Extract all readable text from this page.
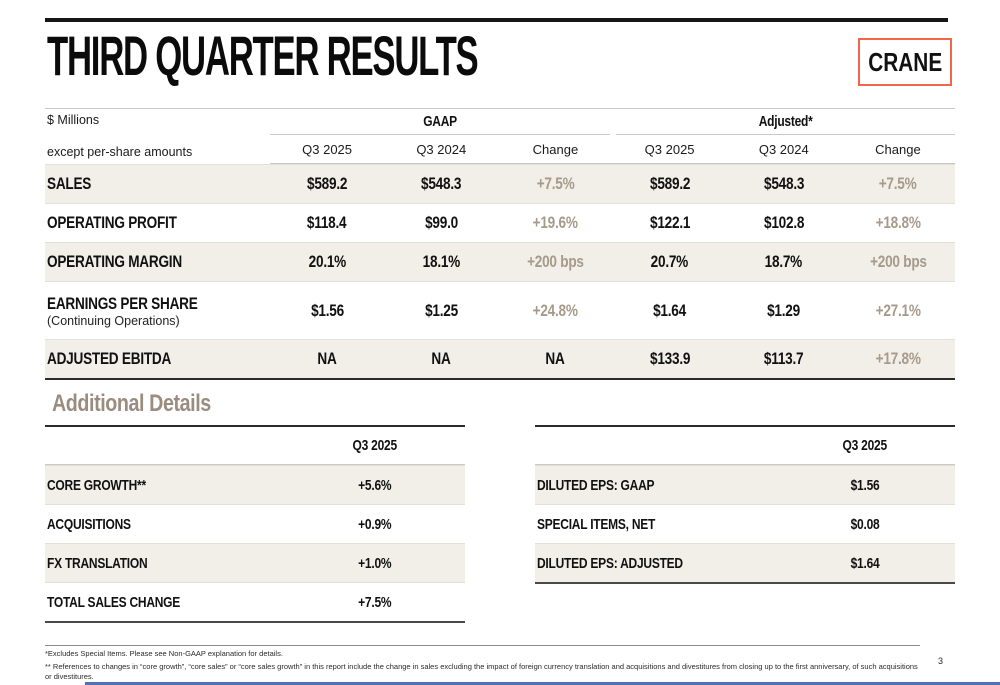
THIRD QUARTER RESULTS	CRANE
$ Millions
except per-share amounts
GAAP	Adjusted*
Q3 2025	Q3 2024	Change	Q3 2025	Q3 2024	Change
SALES	$589.2	$548.3	+7.5%	$589.2	$548.3	+7.5%
OPERATING PROFIT	$118.4	$99.0	+19.6%	$122.1	$102.8	+18.8%
OPERATING MARGIN	20.1%	18.1%	+200 bps	20.7%	18.7%	+200 bps
EARNINGS PER SHARE
(Continuing Operations)
$1.56	$1.25	+24.8%	$1.64	$1.29	+27.1%
ADJUSTED EBITDA	NA	NA	NA	$133.9	$113.7	+17.8%
Additional Details
Q3 2025
CORE GROWTH**	+5.6%
ACQUISITIONS	+0.9%
FX TRANSLATION	+1.0%
TOTAL SALES CHANGE	+7.5%
Q3 2025
DILUTED EPS: GAAP	$1.56
SPECIAL ITEMS, NET	$0.08
DILUTED EPS: ADJUSTED	$1.64

*Excludes Special Items. Please see Non-GAAP explanation for details.

** References to changes in “core growth”, “core sales” or “core sales growth” in this report include the change in sales excluding the impact of foreign currency translation and acquisitions and divestitures from closing up to the first anniversary, of such acquisitions or divestitures.

3
